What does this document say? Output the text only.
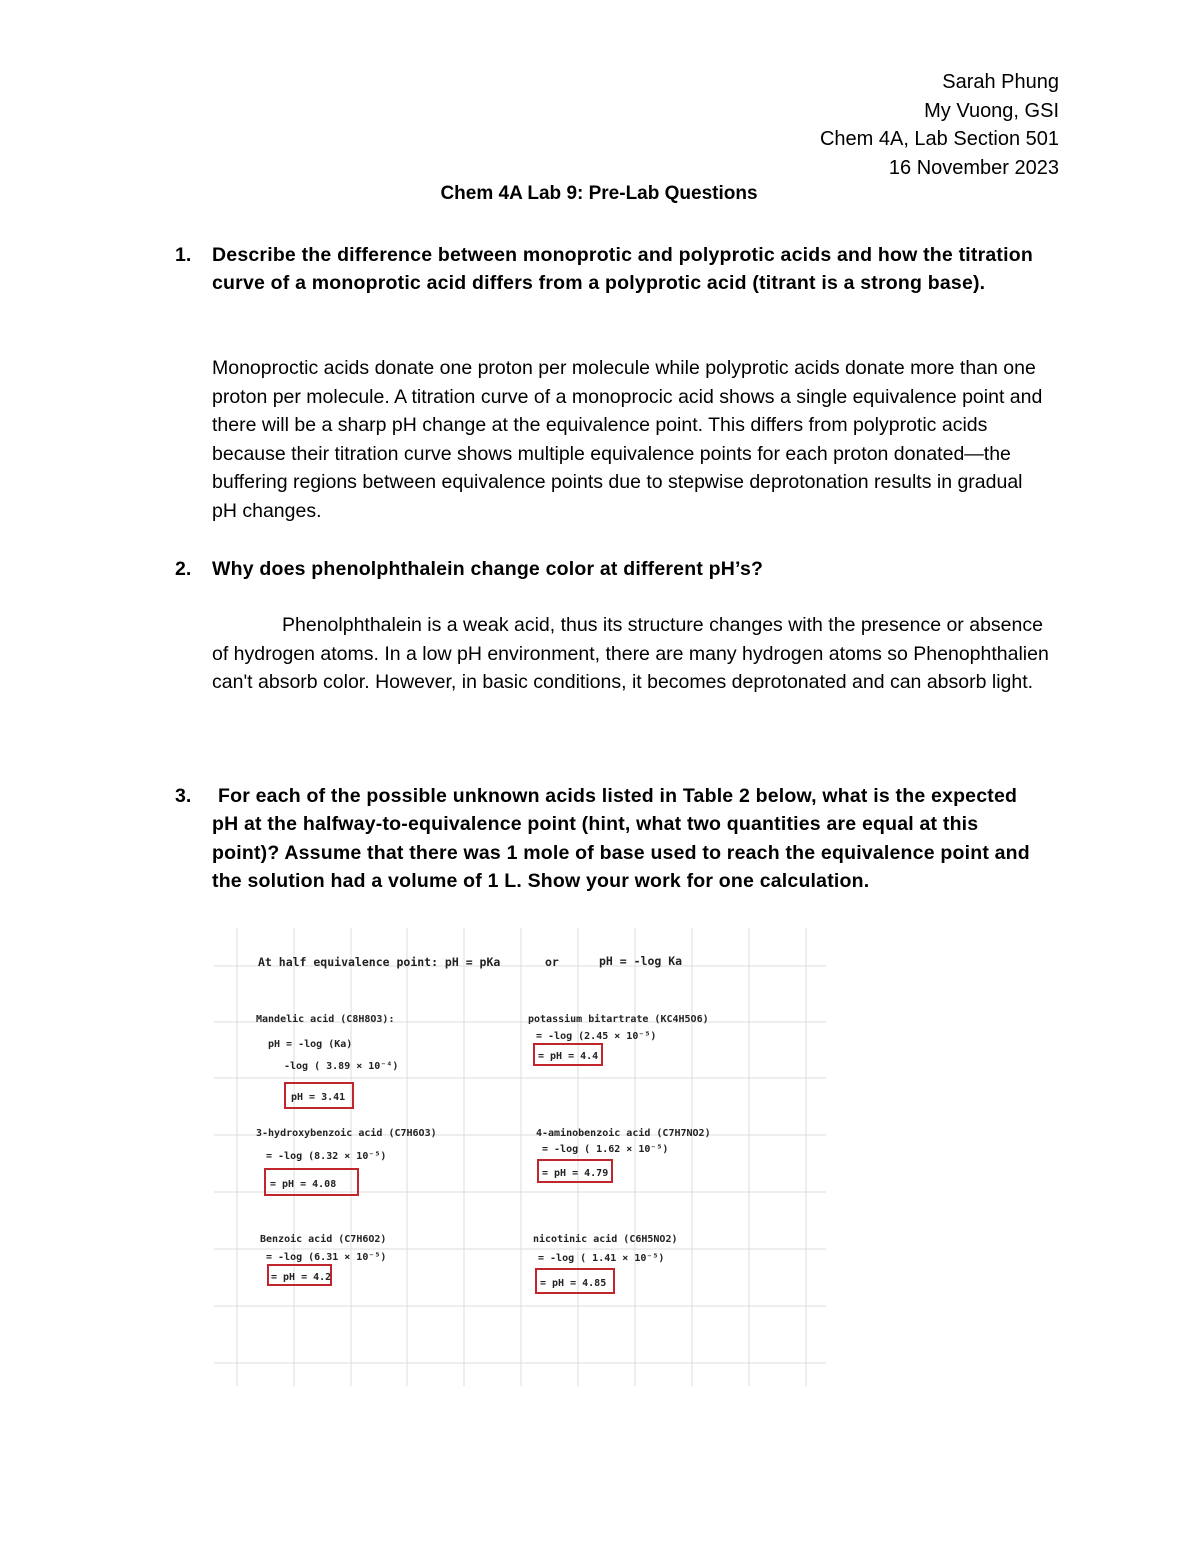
Sarah Phung
My Vuong, GSI
Chem 4A, Lab Section 501
16 November 2023
Chem 4A Lab 9: Pre-Lab Questions
1. Describe the difference between monoprotic and polyprotic acids and how the titration curve of a monoprotic acid differs from a polyprotic acid (titrant is a strong base).
Monoproctic acids donate one proton per molecule while polyprotic acids donate more than one proton per molecule. A titration curve of a monoprocic acid shows a single equivalence point and there will be a sharp pH change at the equivalence point. This differs from polyprotic acids because their titration curve shows multiple equivalence points for each proton donated—the buffering regions between equivalence points due to stepwise deprotonation results in gradual pH changes.
2. Why does phenolphthalein change color at different pH’s?
Phenolphthalein is a weak acid, thus its structure changes with the presence or absence of hydrogen atoms. In a low pH environment, there are many hydrogen atoms so Phenophthalien can't absorb color. However, in basic conditions, it becomes deprotonated and can absorb light.
3.	For each of the possible unknown acids listed in Table 2 below, what is the expected pH at the halfway-to-equivalence point (hint, what two quantities are equal at this point)? Assume that there was 1 mole of base used to reach the equivalence point and the solution had a volume of 1 L. Show your work for one calculation.
At half equivalence point: pH = pKa	or	pH = -log Ka
Mandelic acid (C8H8O3):
pH = -log (Ka)
-log ( 3.89 × 10⁻⁴)
pH = 3.41
potassium bitartrate (KC4H5O6)
= -log (2.45 × 10⁻⁵)
= pH = 4.4
3-hydroxybenzoic acid (C7H6O3)
= -log (8.32 × 10⁻⁵)
= pH = 4.08
4-aminobenzoic acid (C7H7NO2)
= -log ( 1.62 × 10⁻⁵)
= pH = 4.79
Benzoic acid (C7H6O2)
= -log (6.31 × 10⁻⁵)
= pH = 4.2
nicotinic acid (C6H5NO2)
= -log ( 1.41 × 10⁻⁵)
= pH = 4.85
